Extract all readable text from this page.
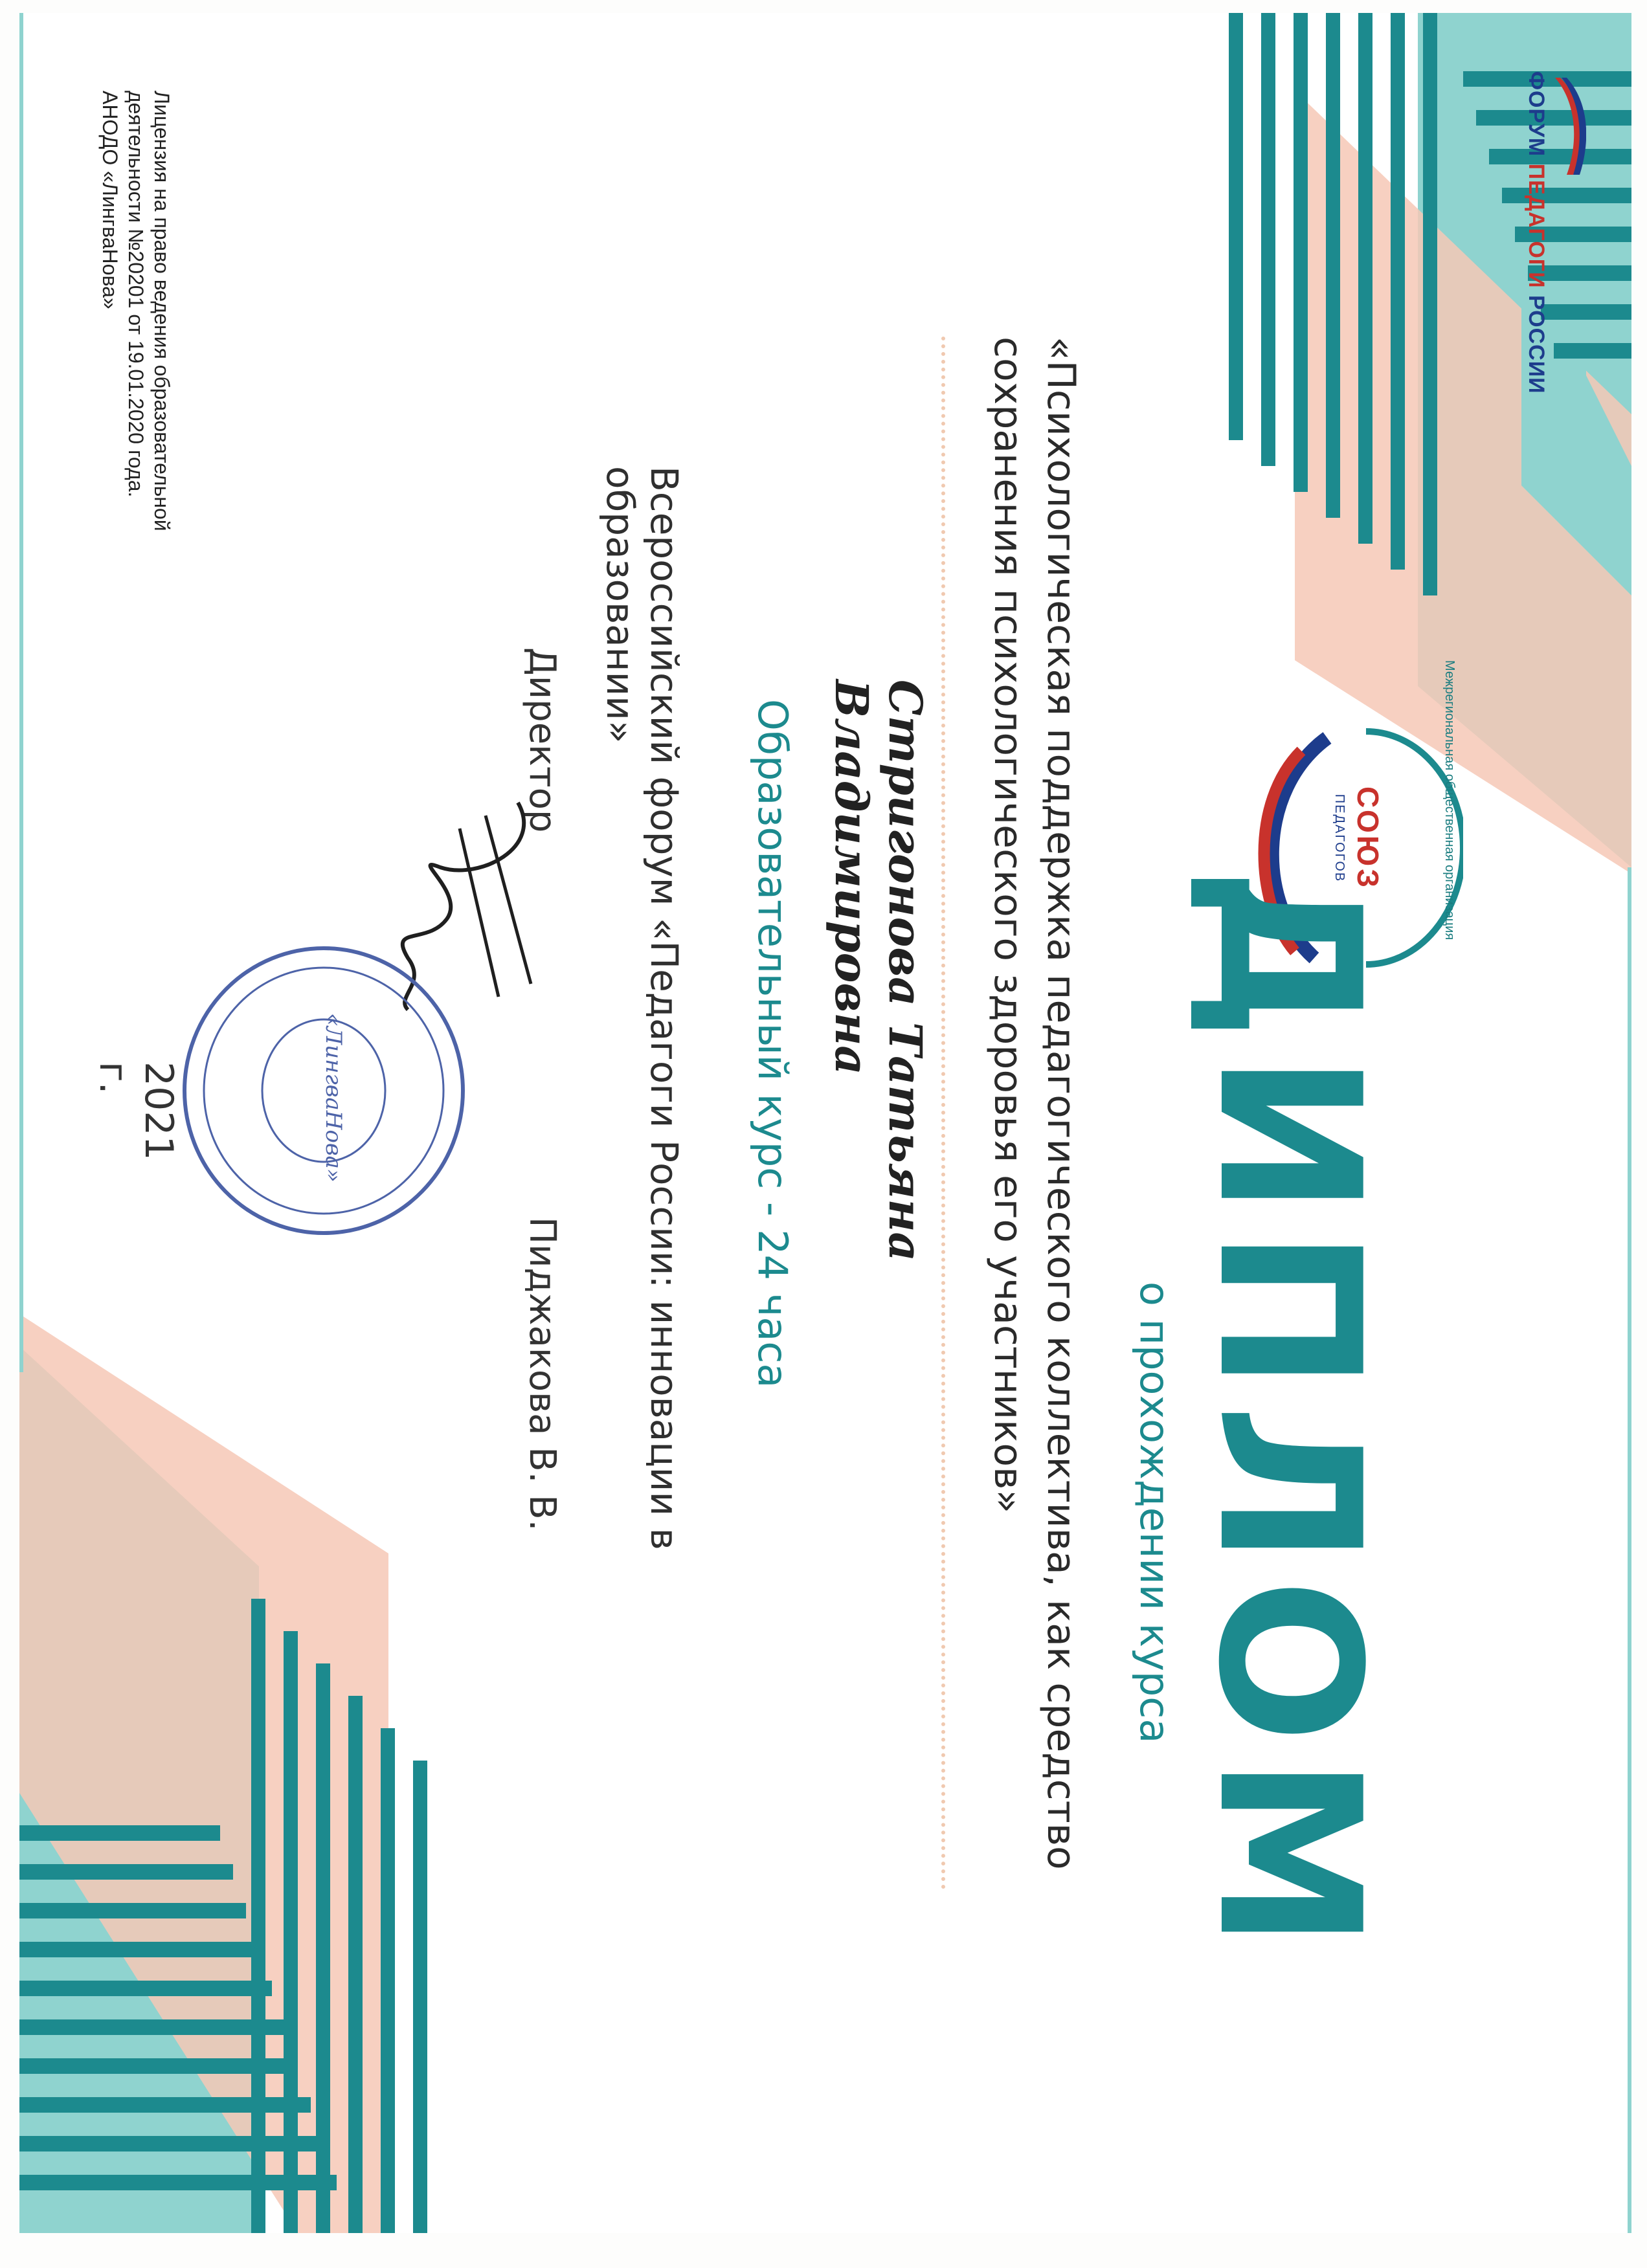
ФОРУМ ПЕДАГОГИ РОССИИ
Межрегиональная общественная организация
СОЮЗ
ПЕДАГОГОВ
ДИПЛОМ
о прохождении курса
«Психологическая поддержка педагогического коллектива, как средство сохранения психологического здоровья его участников»
Стригонова Татьяна Владимировна
Образовательный курс - 24 часа
Всероссийский форум «Педагоги России: инновации в образовании»
Директор
«ЛингваНова»
Пиджакова В. В.
2021 г.
Лицензия на право ведения образовательной
деятельности №20201 от 19.01.2020 года.
АНОДО «ЛингваНова»
